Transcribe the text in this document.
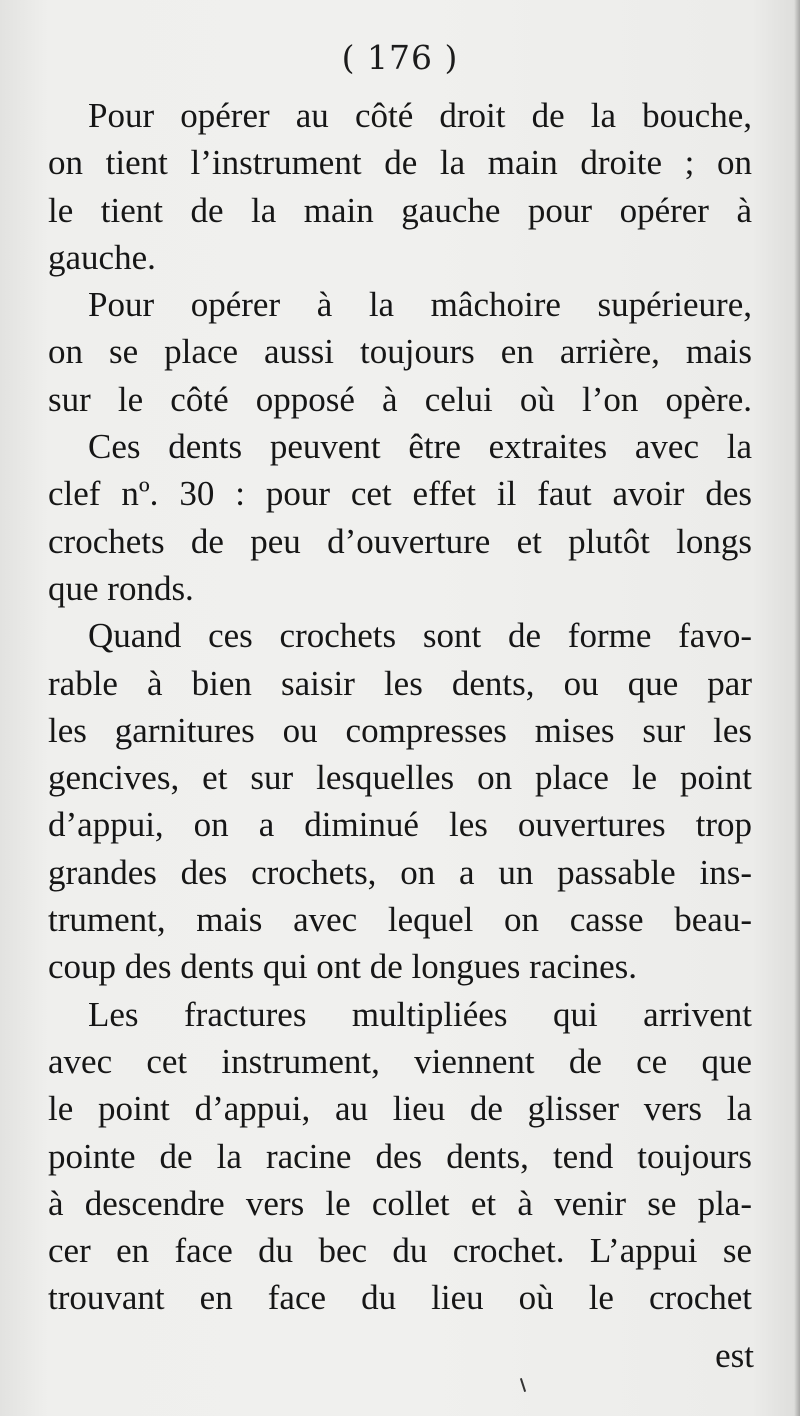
( 176 )
Pour opérer au côté droit de la bouche,
on tient l’instrument de la main droite ; on
le tient de la main gauche pour opérer à
gauche.
Pour opérer à la mâchoire supérieure,
on se place aussi toujours en arrière, mais
sur le côté opposé à celui où l’on opère.
Ces dents peuvent être extraites avec la
clef nº. 30 : pour cet effet il faut avoir des
crochets de peu d’ouverture et plutôt longs
que ronds.
Quand ces crochets sont de forme favo-
rable à bien saisir les dents, ou que par
les garnitures ou compresses mises sur les
gencives, et sur lesquelles on place le point
d’appui, on a diminué les ouvertures trop
grandes des crochets, on a un passable ins-
trument, mais avec lequel on casse beau-
coup des dents qui ont de longues racines.
Les fractures multipliées qui arrivent
avec cet instrument, viennent de ce que
le point d’appui, au lieu de glisser vers la
pointe de la racine des dents, tend toujours
à descendre vers le collet et à venir se pla-
cer en face du bec du crochet. L’appui se
trouvant en face du lieu où le crochet
est
